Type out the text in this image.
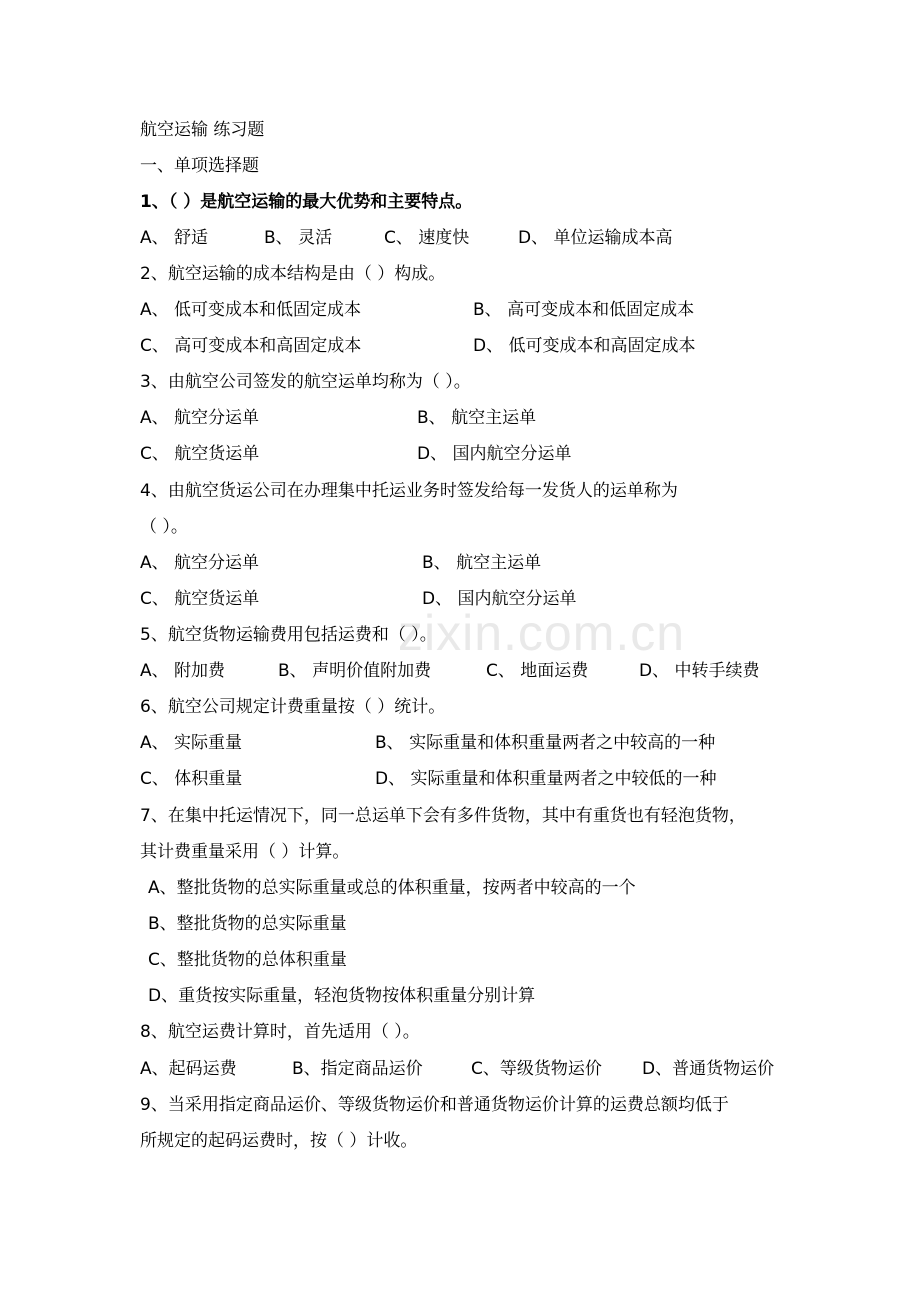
zixin.com.cn
航空运输 练习题
一、单项选择题
1、（ ）是航空运输的最大优势和主要特点。
A、 舒适	B、 灵活	C、 速度快	D、 单位运输成本高
2、航空运输的成本结构是由（ ）构成。
A、 低可变成本和低固定成本	B、 高可变成本和低固定成本
C、 高可变成本和高固定成本	D、 低可变成本和高固定成本
3、由航空公司签发的航空运单均称为（ ）。
A、 航空分运单	B、 航空主运单
C、 航空货运单	D、 国内航空分运单
4、由航空货运公司在办理集中托运业务时签发给每一发货人的运单称为
（ ）。
A、 航空分运单	B、 航空主运单
C、 航空货运单	D、 国内航空分运单
5、航空货物运输费用包括运费和（ ）。
A、 附加费	B、 声明价值附加费	C、 地面运费	D、 中转手续费
6、航空公司规定计费重量按（ ）统计。
A、 实际重量	B、 实际重量和体积重量两者之中较高的一种
C、 体积重量	D、 实际重量和体积重量两者之中较低的一种
7、在集中托运情况下，同一总运单下会有多件货物，其中有重货也有轻泡货物，
其计费重量采用（ ）计算。
A、整批货物的总实际重量或总的体积重量，按两者中较高的一个
B、整批货物的总实际重量
C、整批货物的总体积重量
D、重货按实际重量，轻泡货物按体积重量分别计算
8、航空运费计算时，首先适用（ ）。
A、起码运费	B、指定商品运价	C、等级货物运价 D、普通货物运价
9、当采用指定商品运价、等级货物运价和普通货物运价计算的运费总额均低于
所规定的起码运费时，按（ ）计收。
